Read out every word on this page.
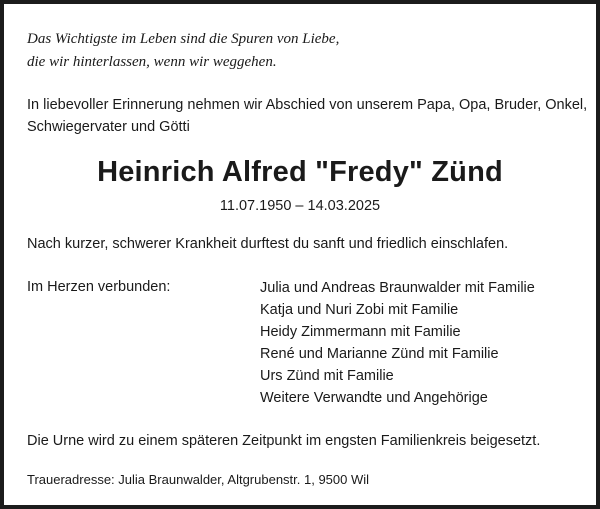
Das Wichtigste im Leben sind die Spuren von Liebe,
die wir hinterlassen, wenn wir weggehen.
In liebevoller Erinnerung nehmen wir Abschied von unserem Papa, Opa, Bruder, Onkel,
Schwiegervater und Götti
Heinrich Alfred "Fredy" Zünd
11.07.1950 – 14.03.2025
Nach kurzer, schwerer Krankheit durftest du sanft und friedlich einschlafen.
Im Herzen verbunden:	Julia und Andreas Braunwalder mit Familie
Katja und Nuri Zobi mit Familie
Heidy Zimmermann mit Familie
René und Marianne Zünd mit Familie
Urs Zünd mit Familie
Weitere Verwandte und Angehörige
Die Urne wird zu einem späteren Zeitpunkt im engsten Familienkreis beigesetzt.
Traueradresse: Julia Braunwalder, Altgrubenstr. 1, 9500 Wil
